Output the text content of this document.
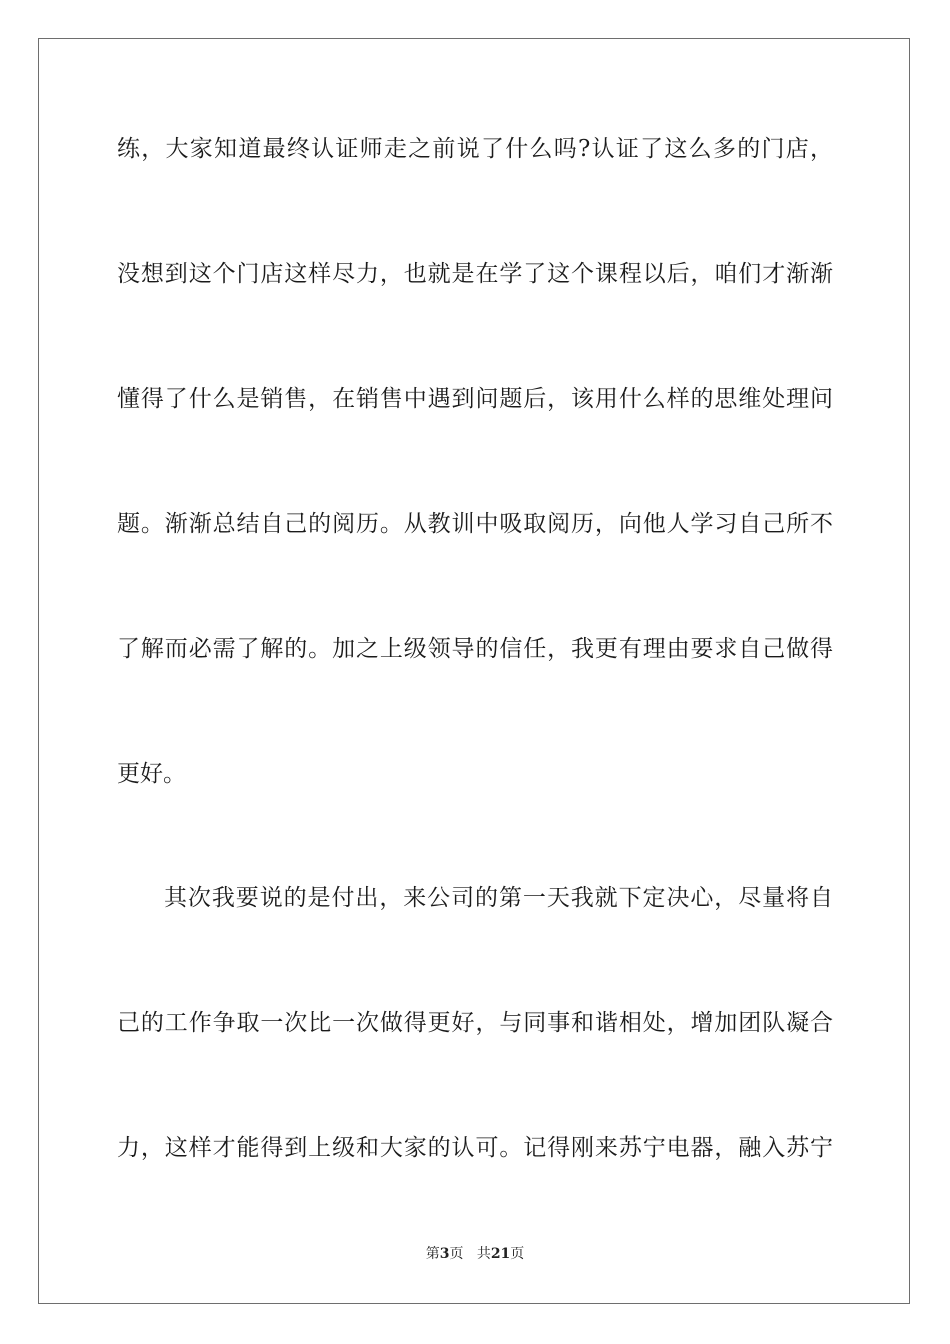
练，大家知道最终认证师走之前说了什么吗?认证了这么多的门店，
没想到这个门店这样尽力，也就是在学了这个课程以后，咱们才渐渐
懂得了什么是销售，在销售中遇到问题后，该用什么样的思维处理问
题。渐渐总结自己的阅历。从教训中吸取阅历，向他人学习自己所不
了解而必需了解的。加之上级领导的信任，我更有理由要求自己做得
更好。
其次我要说的是付出，来公司的第一天我就下定决心，尽量将自
己的工作争取一次比一次做得更好，与同事和谐相处，增加团队凝合
力，这样才能得到上级和大家的认可。记得刚来苏宁电器，融入苏宁
第3页 共21页
